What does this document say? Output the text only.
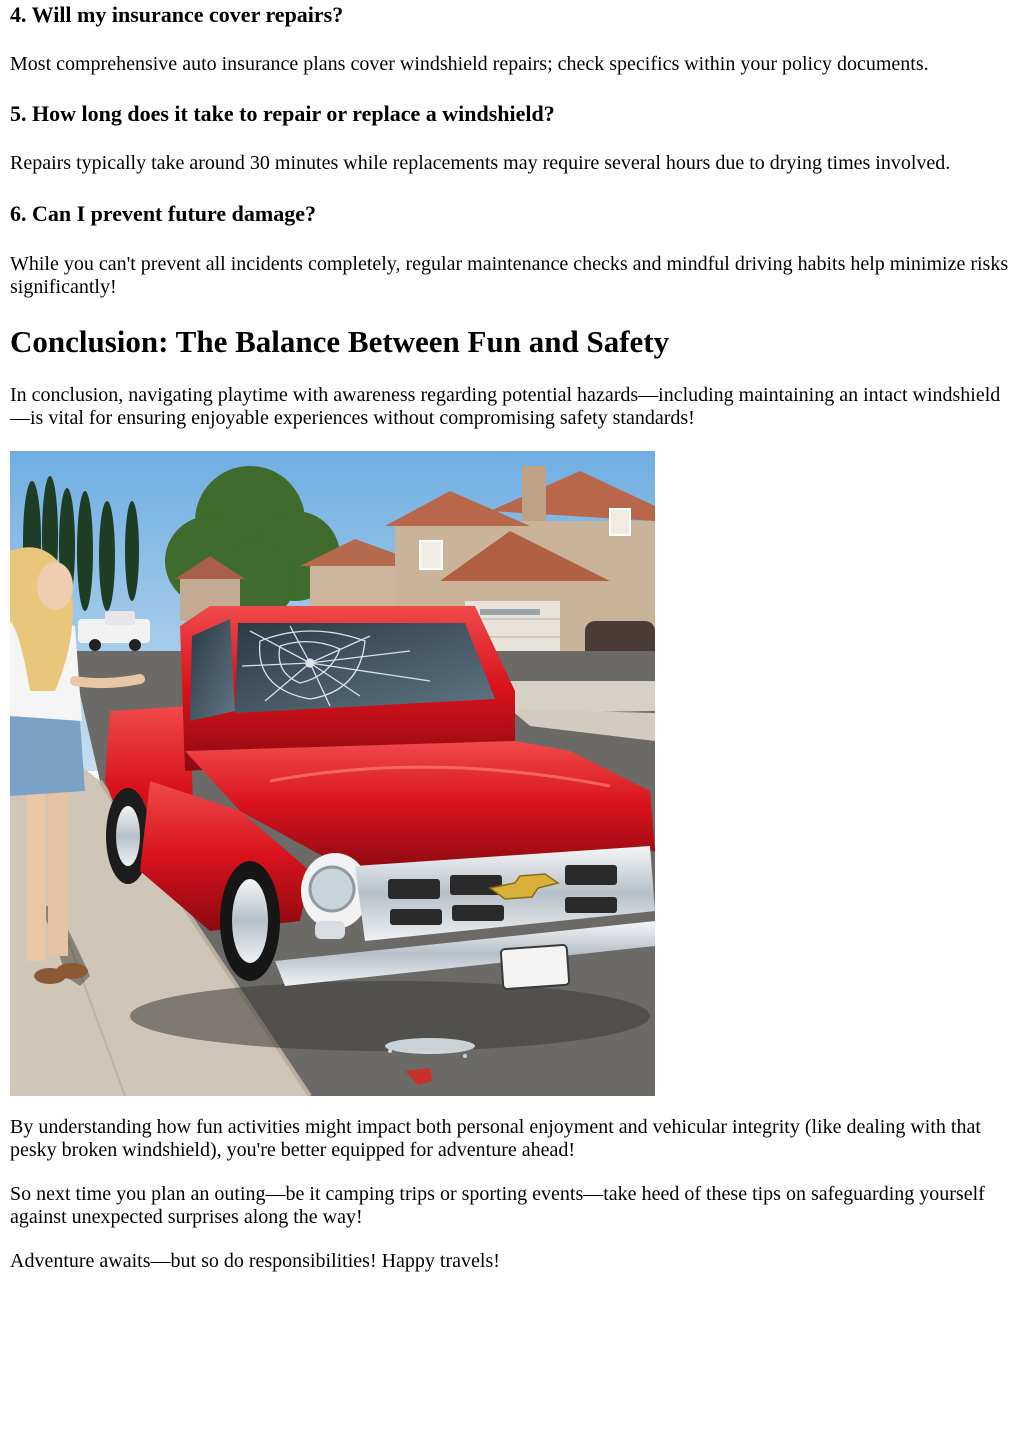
4. Will my insurance cover repairs?

Most comprehensive auto insurance plans cover windshield repairs; check specifics within your policy documents.

5. How long does it take to repair or replace a windshield?

Repairs typically take around 30 minutes while replacements may require several hours due to drying times involved.

6. Can I prevent future damage?

While you can't prevent all incidents completely, regular maintenance checks and mindful driving habits help minimize risks significantly!

Conclusion: The Balance Between Fun and Safety

In conclusion, navigating playtime with awareness regarding potential hazards—including maintaining an intact windshield—is vital for ensuring enjoyable experiences without compromising safety standards!

By understanding how fun activities might impact both personal enjoyment and vehicular integrity (like dealing with that pesky broken windshield), you're better equipped for adventure ahead!

So next time you plan an outing—be it camping trips or sporting events—take heed of these tips on safeguarding yourself against unexpected surprises along the way!

Adventure awaits—but so do responsibilities! Happy travels!
